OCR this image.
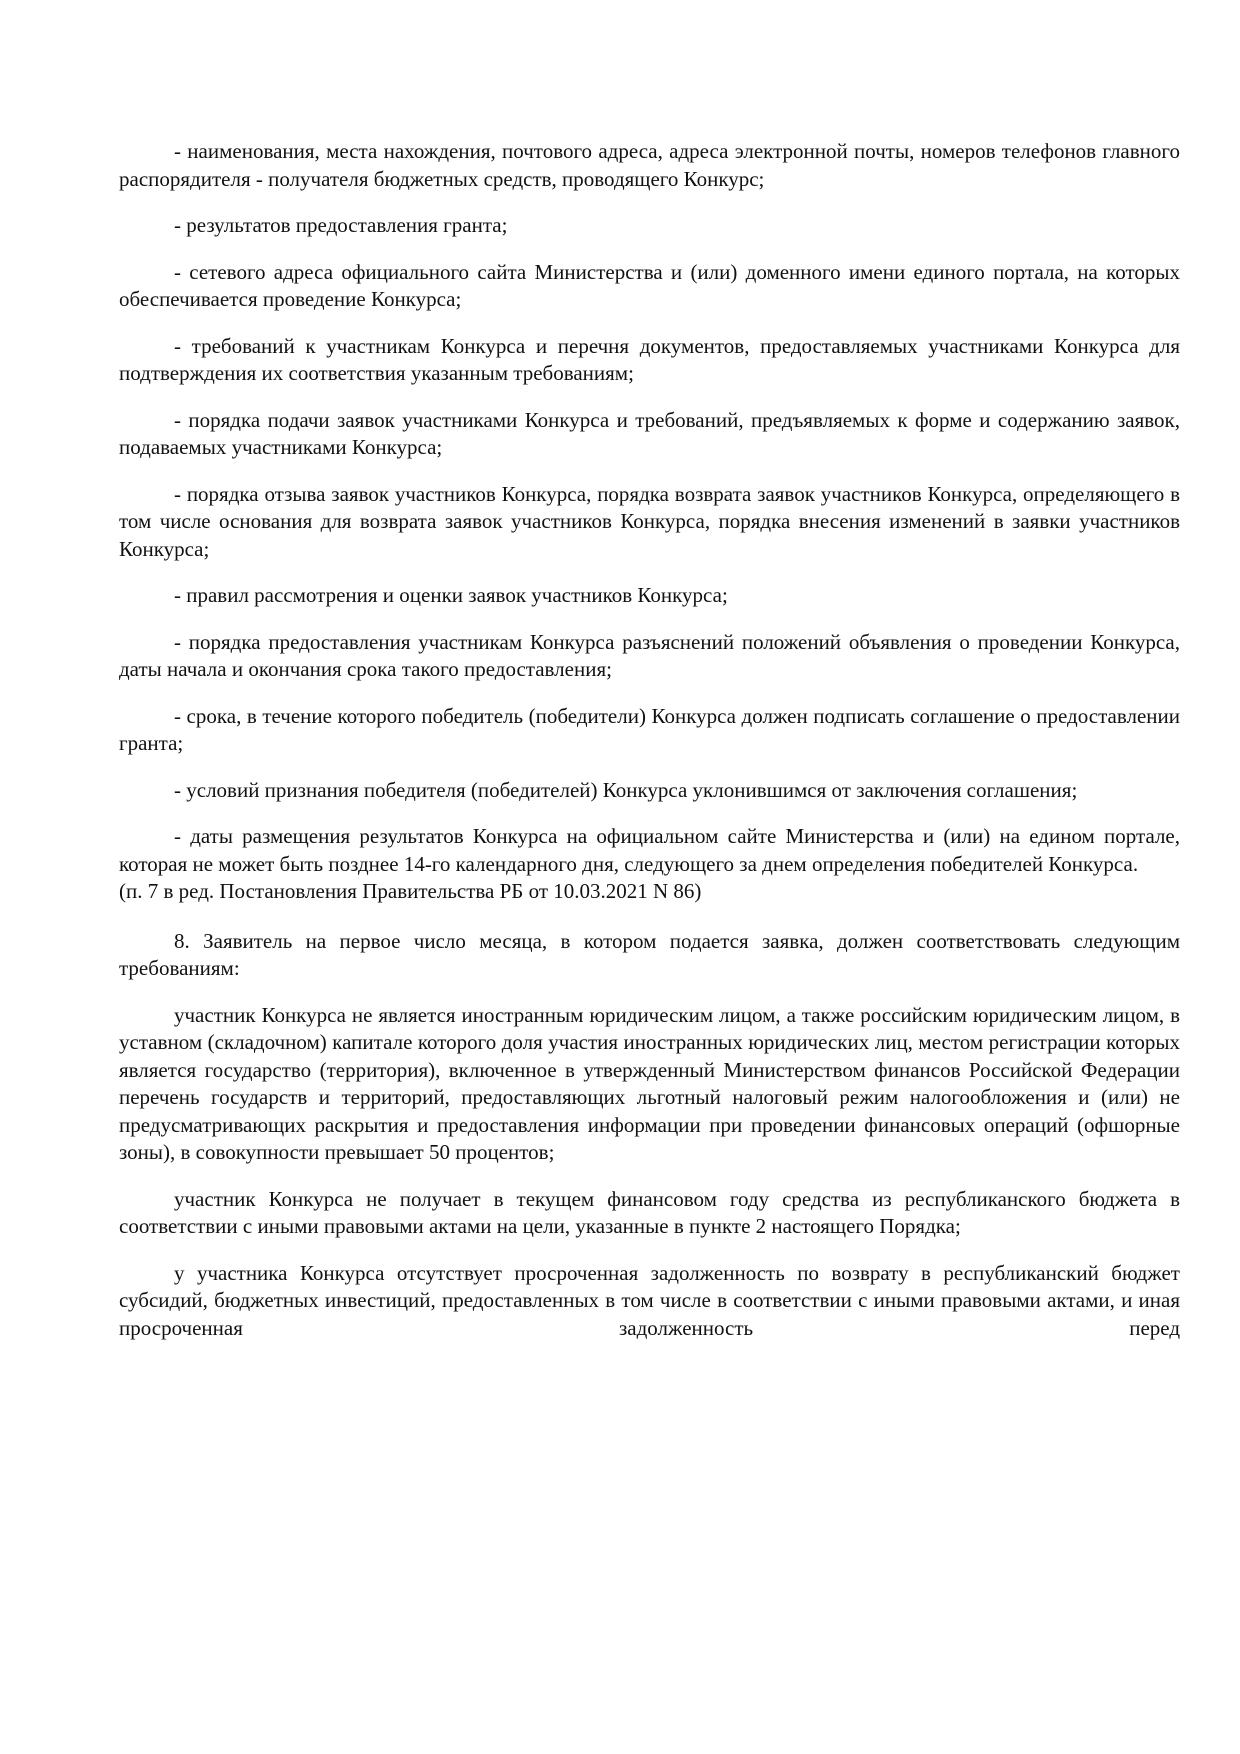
- наименования, места нахождения, почтового адреса, адреса электронной почты, номеров телефонов главного распорядителя - получателя бюджетных средств, проводящего Конкурс;

- результатов предоставления гранта;

- сетевого адреса официального сайта Министерства и (или) доменного имени единого портала, на которых обеспечивается проведение Конкурса;

- требований к участникам Конкурса и перечня документов, предоставляемых участниками Конкурса для подтверждения их соответствия указанным требованиям;

- порядка подачи заявок участниками Конкурса и требований, предъявляемых к форме и содержанию заявок, подаваемых участниками Конкурса;

- порядка отзыва заявок участников Конкурса, порядка возврата заявок участников Конкурса, определяющего в том числе основания для возврата заявок участников Конкурса, порядка внесения изменений в заявки участников Конкурса;

- правил рассмотрения и оценки заявок участников Конкурса;

- порядка предоставления участникам Конкурса разъяснений положений объявления о проведении Конкурса, даты начала и окончания срока такого предоставления;

- срока, в течение которого победитель (победители) Конкурса должен подписать соглашение о предоставлении гранта;

- условий признания победителя (победителей) Конкурса уклонившимся от заключения соглашения;

- даты размещения результатов Конкурса на официальном сайте Министерства и (или) на едином портале, которая не может быть позднее 14-го календарного дня, следующего за днем определения победителей Конкурса.

(п. 7 в ред. Постановления Правительства РБ от 10.03.2021 N 86)

8. Заявитель на первое число месяца, в котором подается заявка, должен соответствовать следующим требованиям:

участник Конкурса не является иностранным юридическим лицом, а также российским юридическим лицом, в уставном (складочном) капитале которого доля участия иностранных юридических лиц, местом регистрации которых является государство (территория), включенное в утвержденный Министерством финансов Российской Федерации перечень государств и территорий, предоставляющих льготный налоговый режим налогообложения и (или) не предусматривающих раскрытия и предоставления информации при проведении финансовых операций (офшорные зоны), в совокупности превышает 50 процентов;

участник Конкурса не получает в текущем финансовом году средства из республиканского бюджета в соответствии с иными правовыми актами на цели, указанные в пункте 2 настоящего Порядка;

у участника Конкурса отсутствует просроченная задолженность по возврату в республиканский бюджет субсидий, бюджетных инвестиций, предоставленных в том числе в соответствии с иными правовыми актами, и иная просроченная задолженность перед
